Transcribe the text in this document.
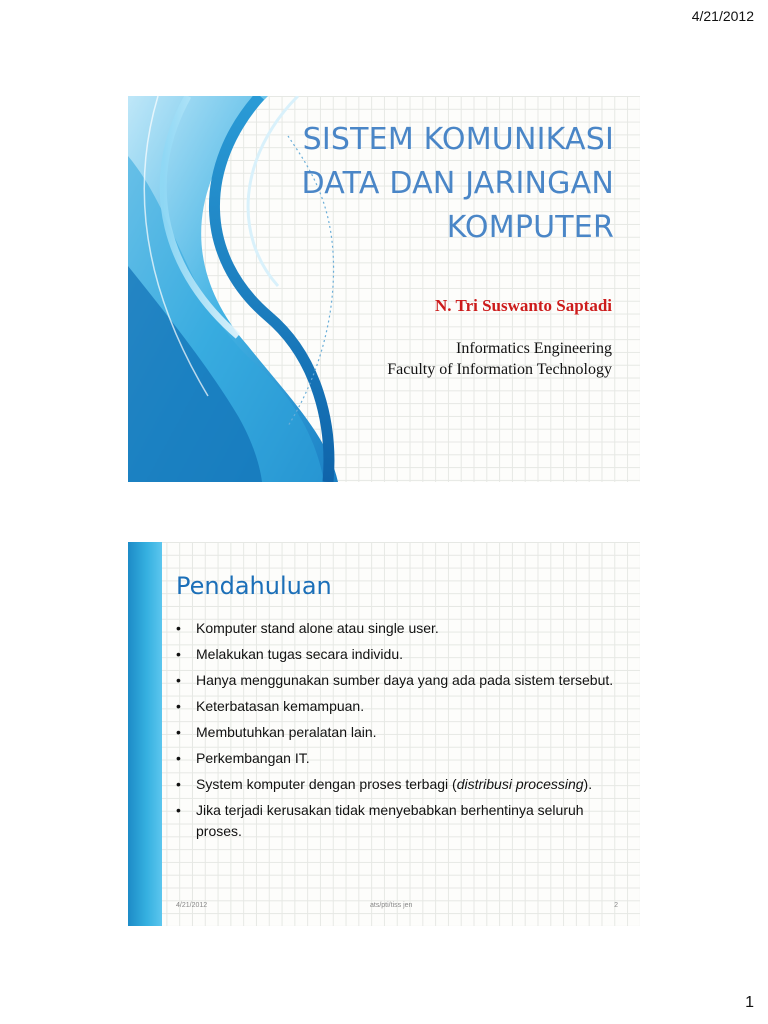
4/21/2012
SISTEM KOMUNIKASI
DATA DAN JARINGAN
KOMPUTER
N. Tri Suswanto Saptadi
Informatics Engineering
Faculty of Information Technology
Pendahuluan
• Komputer stand alone atau single user.
• Melakukan tugas secara individu.
• Hanya menggunakan sumber daya yang ada pada sistem tersebut.
• Keterbatasan kemampuan.
• Membutuhkan peralatan lain.
• Perkembangan IT.
• System komputer dengan proses terbagi (distribusi processing).
• Jika terjadi kerusakan tidak menyebabkan berhentinya seluruh proses.
4/21/2012	ats/pti/tiss jen	2
1
